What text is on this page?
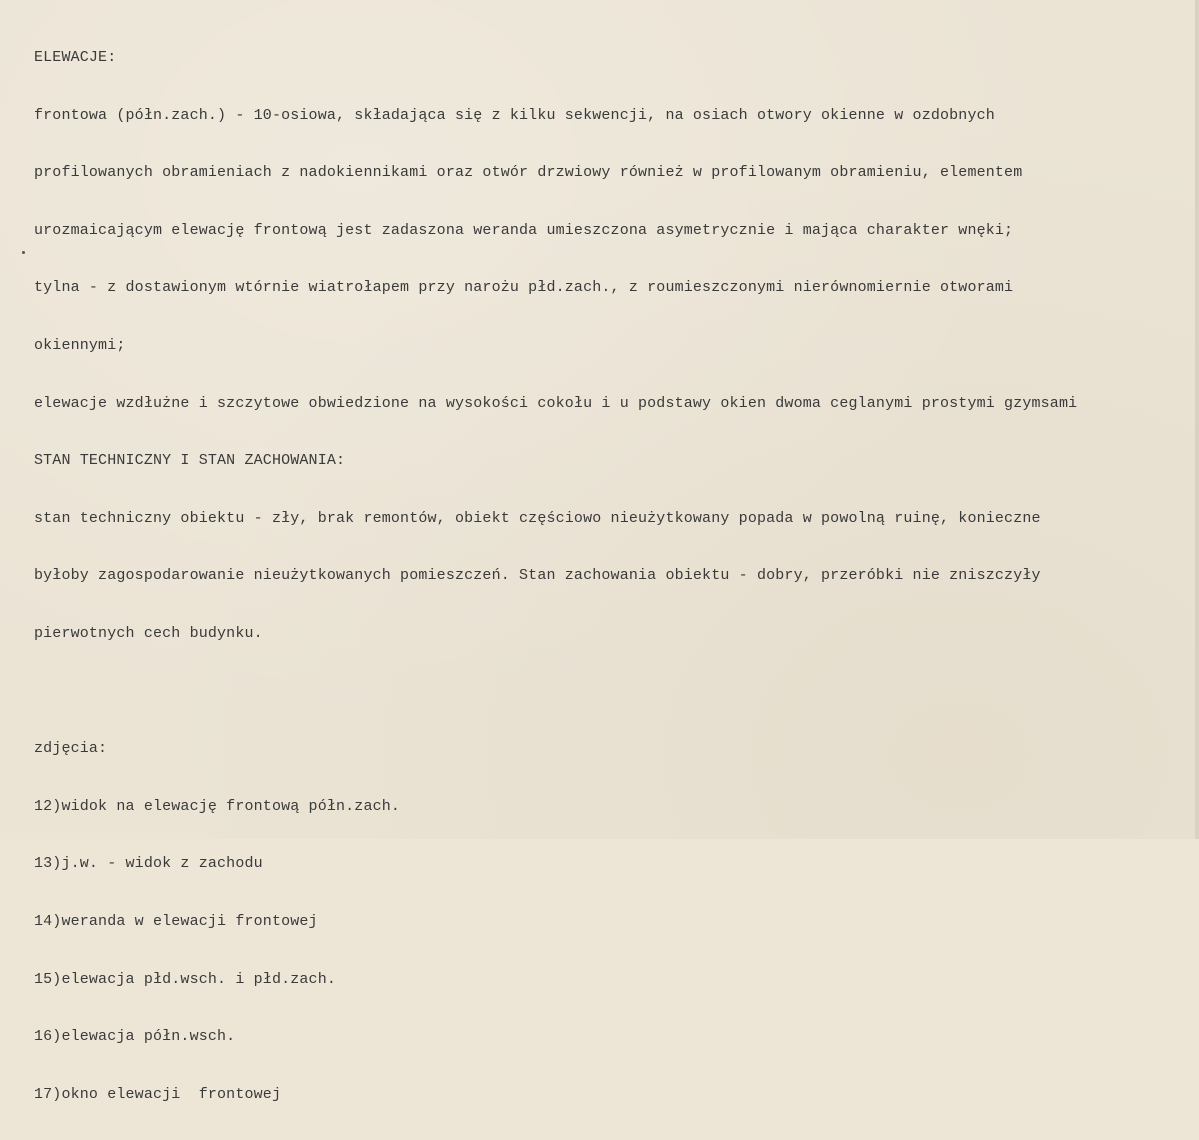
ELEWACJE:

frontowa (półn.zach.) - 10-osiowa, składająca się z kilku sekwencji, na osiach otwory okienne w ozdobnych

profilowanych obramieniach z nadokiennikami oraz otwór drzwiowy również w profilowanym obramieniu, elementem

urozmaicającym elewację frontową jest zadaszona weranda umieszczona asymetrycznie i mająca charakter wnęki;

tylna - z dostawionym wtórnie wiatrołapem przy narożu płd.zach., z roumieszczonymi nierównomiernie otworami

okiennymi;

elewacje wzdłużne i szczytowe obwiedzione na wysokości cokołu i u podstawy okien dwoma ceglanymi prostymi gzymsami

STAN TECHNICZNY I STAN ZACHOWANIA:

stan techniczny obiektu - zły, brak remontów, obiekt częściowo nieużytkowany popada w powolną ruinę, konieczne

byłoby zagospodarowanie nieużytkowanych pomieszczeń. Stan zachowania obiektu - dobry, przeróbki nie zniszczyły

pierwotnych cech budynku.

zdjęcia:

12)widok na elewację frontową półn.zach.

13)j.w. - widok z zachodu

14)weranda w elewacji frontowej

15)elewacja płd.wsch. i płd.zach.

16)elewacja półn.wsch.

17)okno elewacji  frontowej
